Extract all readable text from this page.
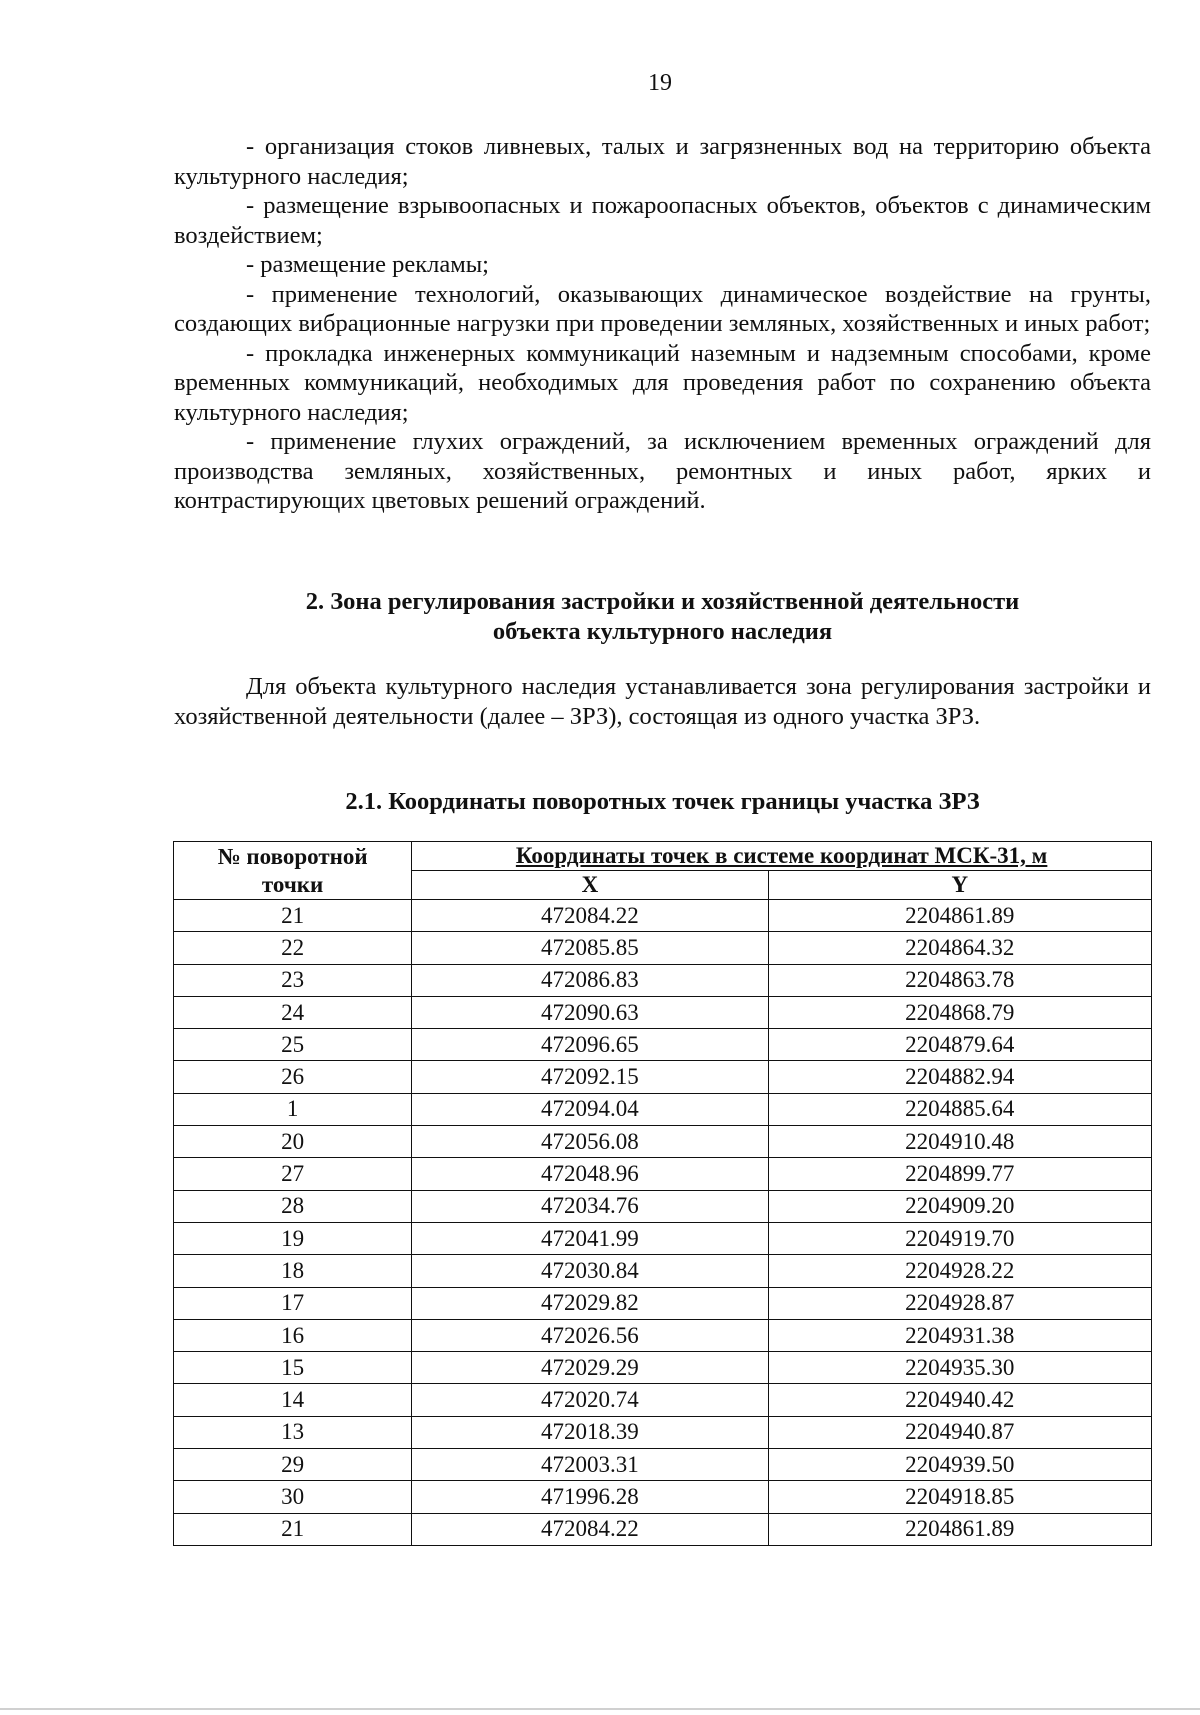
19

- организация стоков ливневых, талых и загрязненных вод на территорию объекта культурного наследия;

- размещение взрывоопасных и пожароопасных объектов, объектов с динамическим воздействием;

- размещение рекламы;

- применение технологий, оказывающих динамическое воздействие на грунты, создающих вибрационные нагрузки при проведении земляных, хозяйственных и иных работ;

- прокладка инженерных коммуникаций наземным и надземным способами, кроме временных коммуникаций, необходимых для проведения работ по сохранению объекта культурного наследия;

- применение глухих ограждений, за исключением временных ограждений для производства земляных, хозяйственных, ремонтных и иных работ, ярких и контрастирующих цветовых решений ограждений.

2. Зона регулирования застройки и хозяйственной деятельности
объекта культурного наследия

Для объекта культурного наследия устанавливается зона регулирования застройки и хозяйственной деятельности (далее – ЗРЗ), состоящая из одного участка ЗРЗ.

2.1. Координаты поворотных точек границы участка ЗРЗ
№ поворотной
точки	Координаты точек в системе координат МСК-31, м	
	X	Y
21	472084.22	2204861.89
22	472085.85	2204864.32
23	472086.83	2204863.78
24	472090.63	2204868.79
25	472096.65	2204879.64
26	472092.15	2204882.94
1	472094.04	2204885.64
20	472056.08	2204910.48
27	472048.96	2204899.77
28	472034.76	2204909.20
19	472041.99	2204919.70
18	472030.84	2204928.22
17	472029.82	2204928.87
16	472026.56	2204931.38
15	472029.29	2204935.30
14	472020.74	2204940.42
13	472018.39	2204940.87
29	472003.31	2204939.50
30	471996.28	2204918.85
21	472084.22	2204861.89
